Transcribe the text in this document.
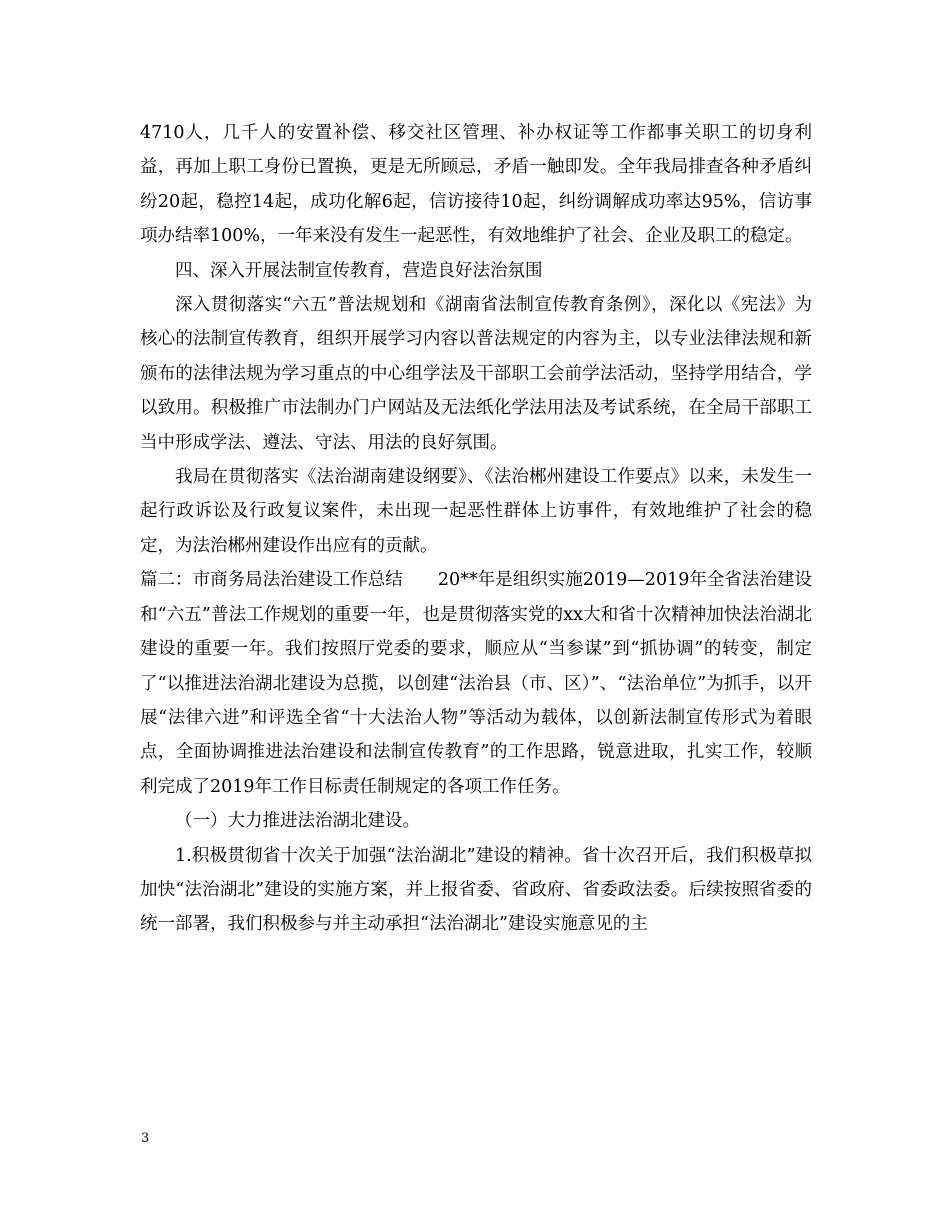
4710人，几千人的安置补偿、移交社区管理、补办权证等工作都事关职工的切身利益，再加上职工身份已置换，更是无所顾忌，矛盾一触即发。全年我局排查各种矛盾纠纷20起，稳控14起，成功化解6起，信访接待10起，纠纷调解成功率达95%，信访事项办结率100%，一年来没有发生一起恶性，有效地维护了社会、企业及职工的稳定。

四、深入开展法制宣传教育，营造良好法治氛围

深入贯彻落实“六五”普法规划和《湖南省法制宣传教育条例》，深化以《宪法》为核心的法制宣传教育，组织开展学习内容以普法规定的内容为主，以专业法律法规和新颁布的法律法规为学习重点的中心组学法及干部职工会前学法活动，坚持学用结合，学以致用。积极推广市法制办门户网站及无法纸化学法用法及考试系统，在全局干部职工当中形成学法、遵法、守法、用法的良好氛围。

我局在贯彻落实《法治湖南建设纲要》、《法治郴州建设工作要点》以来，未发生一起行政诉讼及行政复议案件，未出现一起恶性群体上访事件，有效地维护了社会的稳定，为法治郴州建设作出应有的贡献。

篇二：市商务局法治建设工作总结　　20**年是组织实施2019—2019年全省法治建设和“六五”普法工作规划的重要一年，也是贯彻落实党的xx大和省十次精神加快法治湖北建设的重要一年。我们按照厅党委的要求，顺应从“当参谋”到“抓协调”的转变，制定了“以推进法治湖北建设为总揽，以创建“法治县（市、区）”、“法治单位”为抓手，以开展“法律六进”和评选全省“十大法治人物”等活动为载体，以创新法制宣传形式为着眼点，全面协调推进法治建设和法制宣传教育”的工作思路，锐意进取，扎实工作，较顺利完成了2019年工作目标责任制规定的各项工作任务。

（一）大力推进法治湖北建设。

1.积极贯彻省十次关于加强“法治湖北”建设的精神。省十次召开后，我们积极草拟加快“法治湖北”建设的实施方案，并上报省委、省政府、省委政法委。后续按照省委的统一部署，我们积极参与并主动承担“法治湖北”建设实施意见的主

3
